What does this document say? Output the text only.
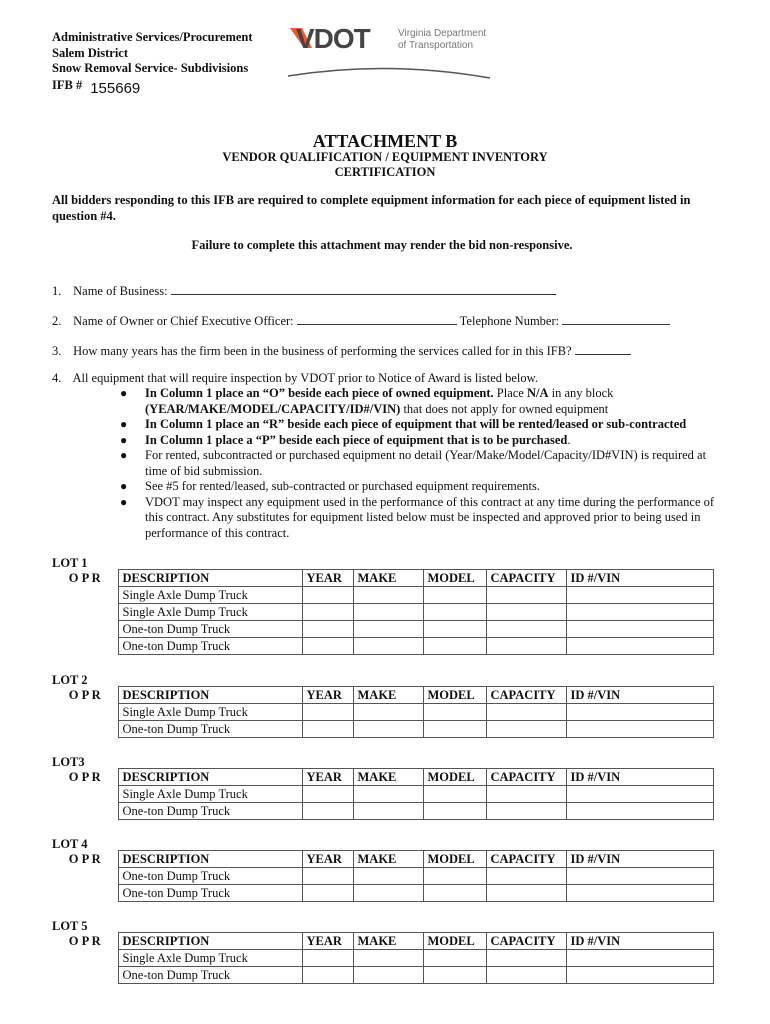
Administrative Services/Procurement
Salem District
Snow Removal Service- Subdivisions
IFB # 155669
VDOT	Virginia Department
of Transportation
ATTACHMENT B
VENDOR QUALIFICATION / EQUIPMENT INVENTORY
CERTIFICATION
All bidders responding to this IFB are required to complete equipment information for each piece of equipment listed in question #4.
Failure to complete this attachment may render the bid non-responsive.
1. Name of Business:
2. Name of Owner or Chief Executive Officer:	Telephone Number:
3. How many years has the firm been in the business of performing the services called for in this IFB?
4. All equipment that will require inspection by VDOT prior to Notice of Award is listed below.
● In Column 1 place an “O” beside each piece of owned equipment. Place N/A in any block
(YEAR/MAKE/MODEL/CAPACITY/ID#/VIN) that does not apply for owned equipment
● In Column 1 place an “R” beside each piece of equipment that will be rented/leased or sub-contracted
● In Column 1 place a “P” beside each piece of equipment that is to be purchased.
● For rented, subcontracted or purchased equipment no detail (Year/Make/Model/Capacity/ID#VIN) is required at time of bid submission.
● See #5 for rented/leased, sub-contracted or purchased equipment requirements.
● VDOT may inspect any equipment used in the performance of this contract at any time during the performance of this contract. Any substitutes for equipment listed below must be inspected and approved prior to being used in performance of this contract.
LOT 1
O P R	DESCRIPTION	YEAR	MAKE	MODEL	CAPACITY	ID #/VIN
	Single Axle Dump Truck					
	Single Axle Dump Truck					
	One-ton Dump Truck					
	One-ton Dump Truck					
LOT 2
O P R	DESCRIPTION	YEAR	MAKE	MODEL	CAPACITY	ID #/VIN
	Single Axle Dump Truck					
	One-ton Dump Truck					
LOT3
O P R	DESCRIPTION	YEAR	MAKE	MODEL	CAPACITY	ID #/VIN
	Single Axle Dump Truck					
	One-ton Dump Truck					
LOT 4
O P R	DESCRIPTION	YEAR	MAKE	MODEL	CAPACITY	ID #/VIN
	One-ton Dump Truck					
	One-ton Dump Truck					
LOT 5
O P R	DESCRIPTION	YEAR	MAKE	MODEL	CAPACITY	ID #/VIN
	Single Axle Dump Truck					
	One-ton Dump Truck					
